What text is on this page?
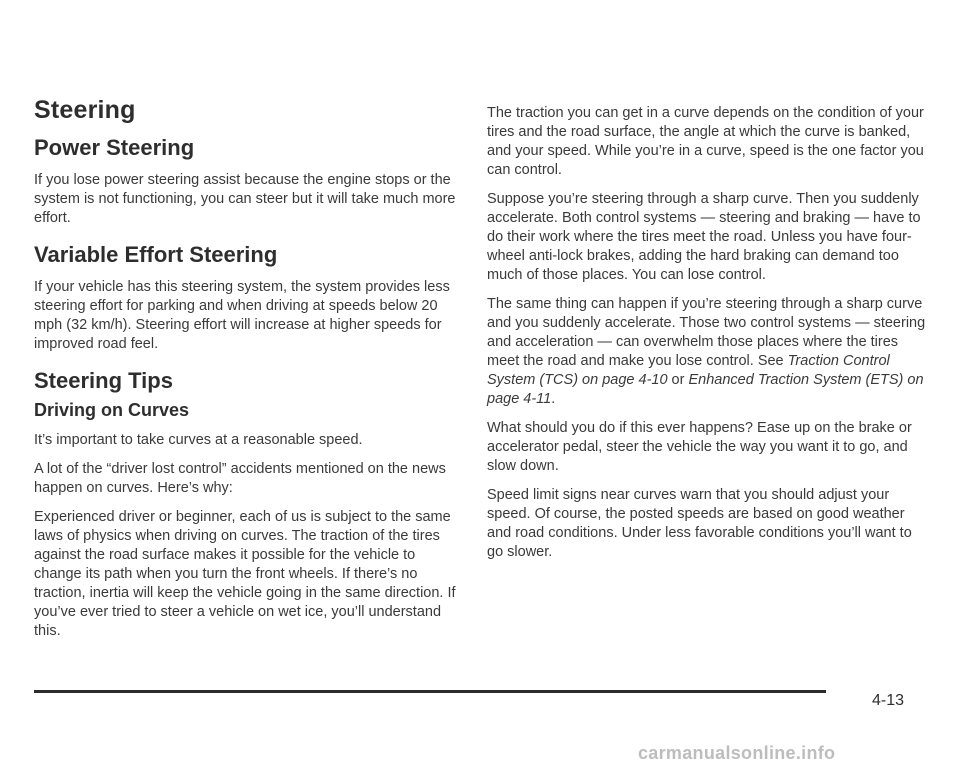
Steering
Power Steering

If you lose power steering assist because the engine stops or the system is not functioning, you can steer but it will take much more effort.

Variable Effort Steering

If your vehicle has this steering system, the system provides less steering effort for parking and when driving at speeds below 20 mph (32 km/h). Steering effort will increase at higher speeds for improved road feel.

Steering Tips
Driving on Curves

It’s important to take curves at a reasonable speed.

A lot of the “driver lost control” accidents mentioned on the news happen on curves. Here’s why:

Experienced driver or beginner, each of us is subject to the same laws of physics when driving on curves. The traction of the tires against the road surface makes it possible for the vehicle to change its path when you turn the front wheels. If there’s no traction, inertia will keep the vehicle going in the same direction. If you’ve ever tried to steer a vehicle on wet ice, you’ll understand this.

The traction you can get in a curve depends on the condition of your tires and the road surface, the angle at which the curve is banked, and your speed. While you’re in a curve, speed is the one factor you can control.

Suppose you’re steering through a sharp curve. Then you suddenly accelerate. Both control systems — steering and braking — have to do their work where the tires meet the road. Unless you have four-wheel anti-lock brakes, adding the hard braking can demand too much of those places. You can lose control.

The same thing can happen if you’re steering through a sharp curve and you suddenly accelerate. Those two control systems — steering and acceleration — can overwhelm those places where the tires meet the road and make you lose control. See Traction Control System (TCS) on page 4-10 or Enhanced Traction System (ETS) on page 4-11.

What should you do if this ever happens? Ease up on the brake or accelerator pedal, steer the vehicle the way you want it to go, and slow down.

Speed limit signs near curves warn that you should adjust your speed. Of course, the posted speeds are based on good weather and road conditions. Under less favorable conditions you’ll want to go slower.

4-13
carmanualsonline.info
